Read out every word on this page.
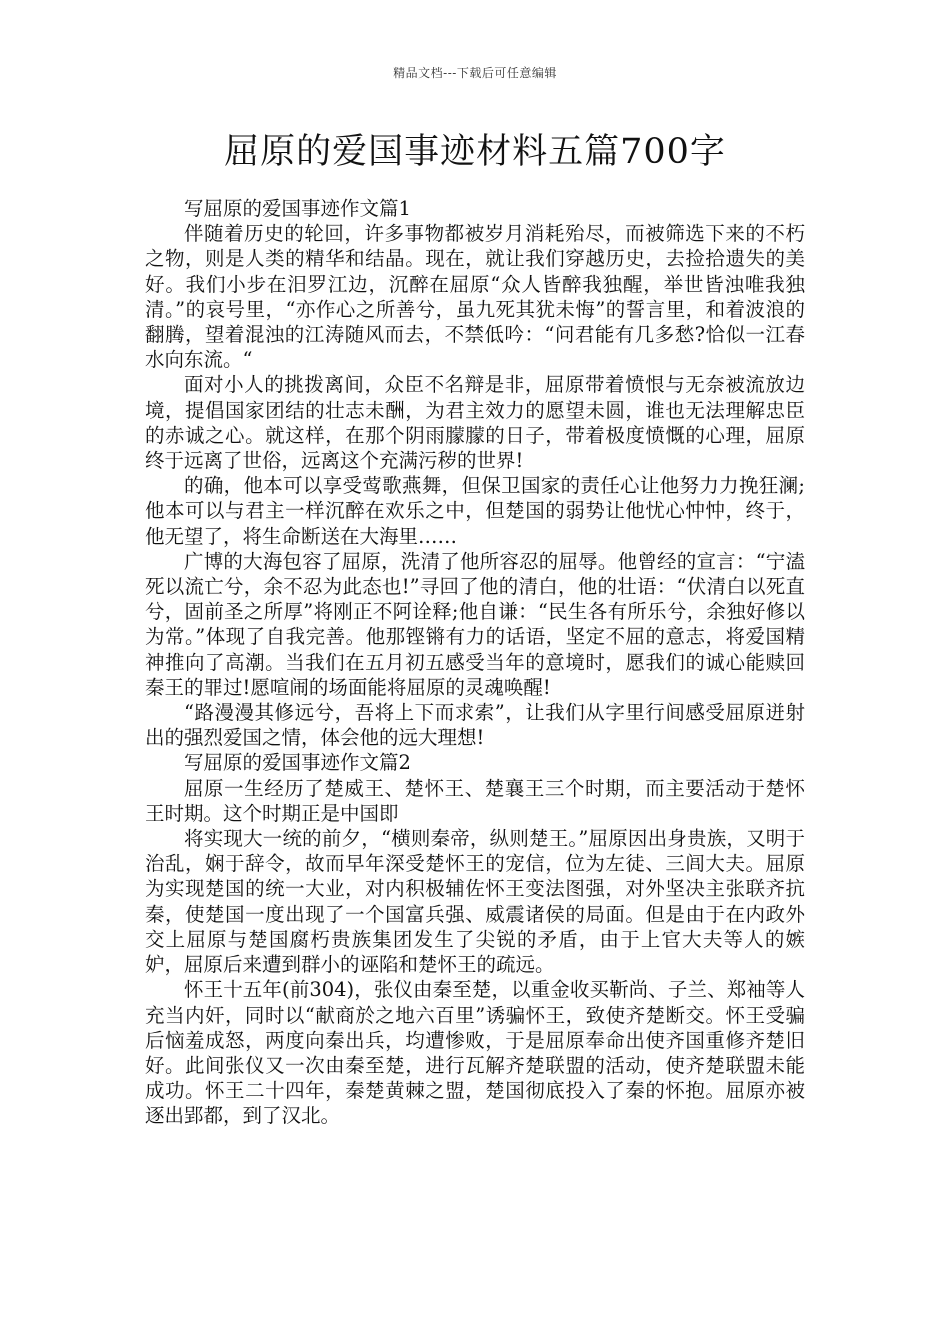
精品文档---下载后可任意编辑
屈原的爱国事迹材料五篇700字

写屈原的爱国事迹作文篇1

伴随着历史的轮回，许多事物都被岁月消耗殆尽，而被筛选下来的不朽之物，则是人类的精华和结晶。现在，就让我们穿越历史，去捡拾遗失的美好。我们小步在汨罗江边，沉醉在屈原“众人皆醉我独醒，举世皆浊唯我独清。”的哀号里，“亦作心之所善兮，虽九死其犹未悔”的誓言里，和着波浪的翻腾，望着混浊的江涛随风而去，不禁低吟：“问君能有几多愁?恰似一江春水向东流。“

面对小人的挑拨离间，众臣不名辩是非，屈原带着愤恨与无奈被流放边境，提倡国家团结的壮志未酬，为君主效力的愿望未圆，谁也无法理解忠臣的赤诚之心。就这样，在那个阴雨朦朦的日子，带着极度愤慨的心理，屈原终于远离了世俗，远离这个充满污秽的世界!

的确，他本可以享受莺歌燕舞，但保卫国家的责任心让他努力力挽狂澜;他本可以与君主一样沉醉在欢乐之中，但楚国的弱势让他忧心忡忡，终于，他无望了，将生命断送在大海里……

广博的大海包容了屈原，洗清了他所容忍的屈辱。他曾经的宣言：“宁溘死以流亡兮，余不忍为此态也!”寻回了他的清白，他的壮语：“伏清白以死直兮，固前圣之所厚”将刚正不阿诠释;他自谦：“民生各有所乐兮，余独好修以为常。”体现了自我完善。他那铿锵有力的话语，坚定不屈的意志，将爱国精神推向了高潮。当我们在五月初五感受当年的意境时，愿我们的诚心能赎回秦王的罪过!愿喧闹的场面能将屈原的灵魂唤醒!

“路漫漫其修远兮，吾将上下而求索”，让我们从字里行间感受屈原迸射出的强烈爱国之情，体会他的远大理想!

写屈原的爱国事迹作文篇2

屈原一生经历了楚威王、楚怀王、楚襄王三个时期，而主要活动于楚怀王时期。这个时期正是中国即

将实现大一统的前夕，“横则秦帝，纵则楚王。”屈原因出身贵族，又明于治乱，娴于辞令，故而早年深受楚怀王的宠信，位为左徒、三闾大夫。屈原为实现楚国的统一大业，对内积极辅佐怀王变法图强，对外坚决主张联齐抗秦，使楚国一度出现了一个国富兵强、威震诸侯的局面。但是由于在内政外交上屈原与楚国腐朽贵族集团发生了尖锐的矛盾，由于上官大夫等人的嫉妒，屈原后来遭到群小的诬陷和楚怀王的疏远。

怀王十五年(前304)，张仪由秦至楚，以重金收买靳尚、子兰、郑袖等人充当内奸，同时以“献商於之地六百里”诱骗怀王，致使齐楚断交。怀王受骗后恼羞成怒，两度向秦出兵，均遭惨败，于是屈原奉命出使齐国重修齐楚旧好。此间张仪又一次由秦至楚，进行瓦解齐楚联盟的活动，使齐楚联盟未能成功。怀王二十四年，秦楚黄棘之盟，楚国彻底投入了秦的怀抱。屈原亦被逐出郢都，到了汉北。
